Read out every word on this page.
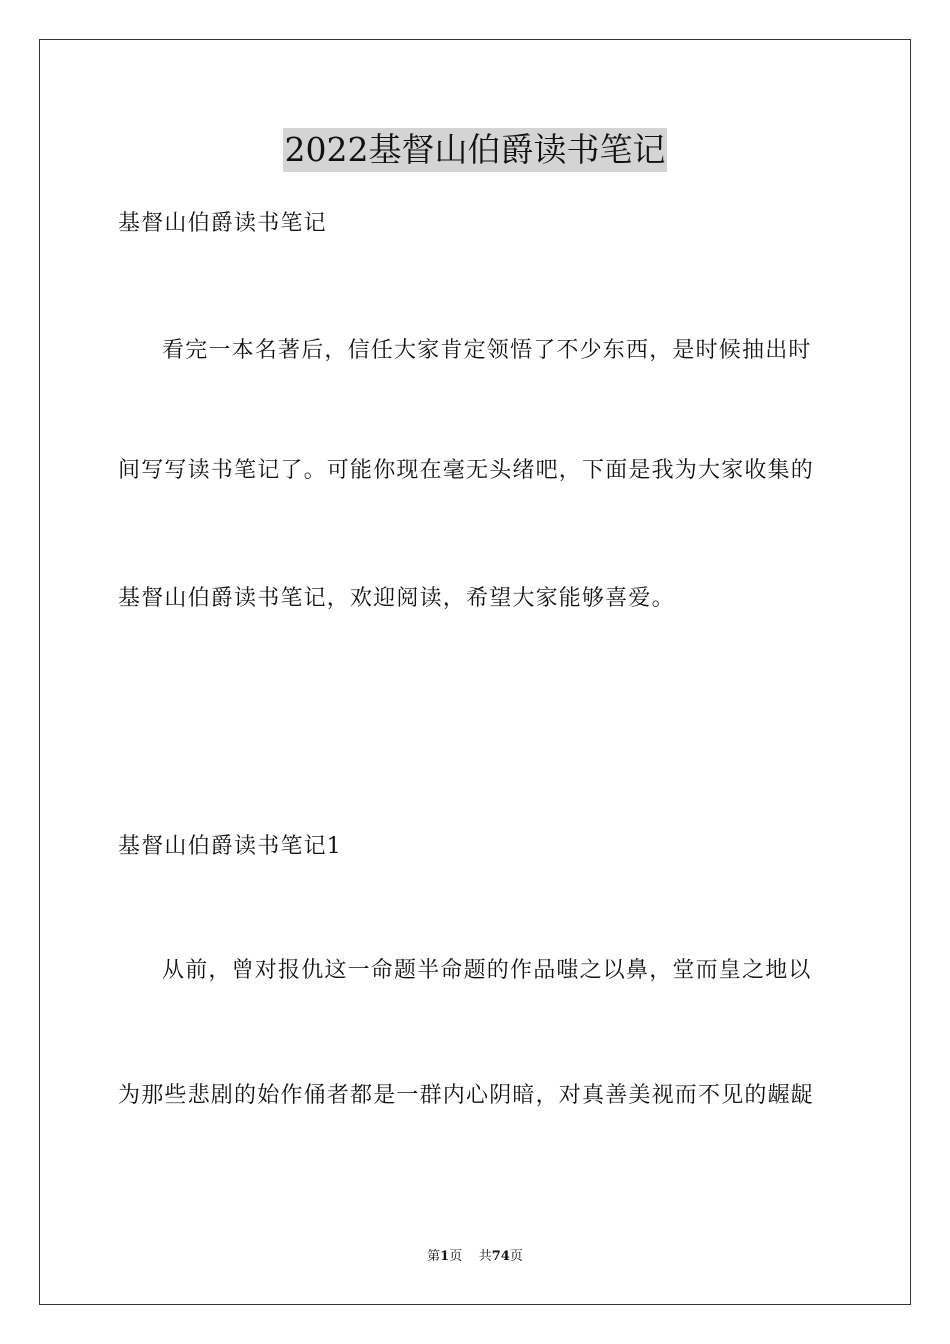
2022基督山伯爵读书笔记

基督山伯爵读书笔记

看完一本名著后，信任大家肯定领悟了不少东西，是时候抽出时

间写写读书笔记了。可能你现在毫无头绪吧，下面是我为大家收集的

基督山伯爵读书笔记，欢迎阅读，希望大家能够喜爱。

基督山伯爵读书笔记1

从前，曾对报仇这一命题半命题的作品嗤之以鼻，堂而皇之地以

为那些悲剧的始作俑者都是一群内心阴暗，对真善美视而不见的龌龊

第1页    共74页
